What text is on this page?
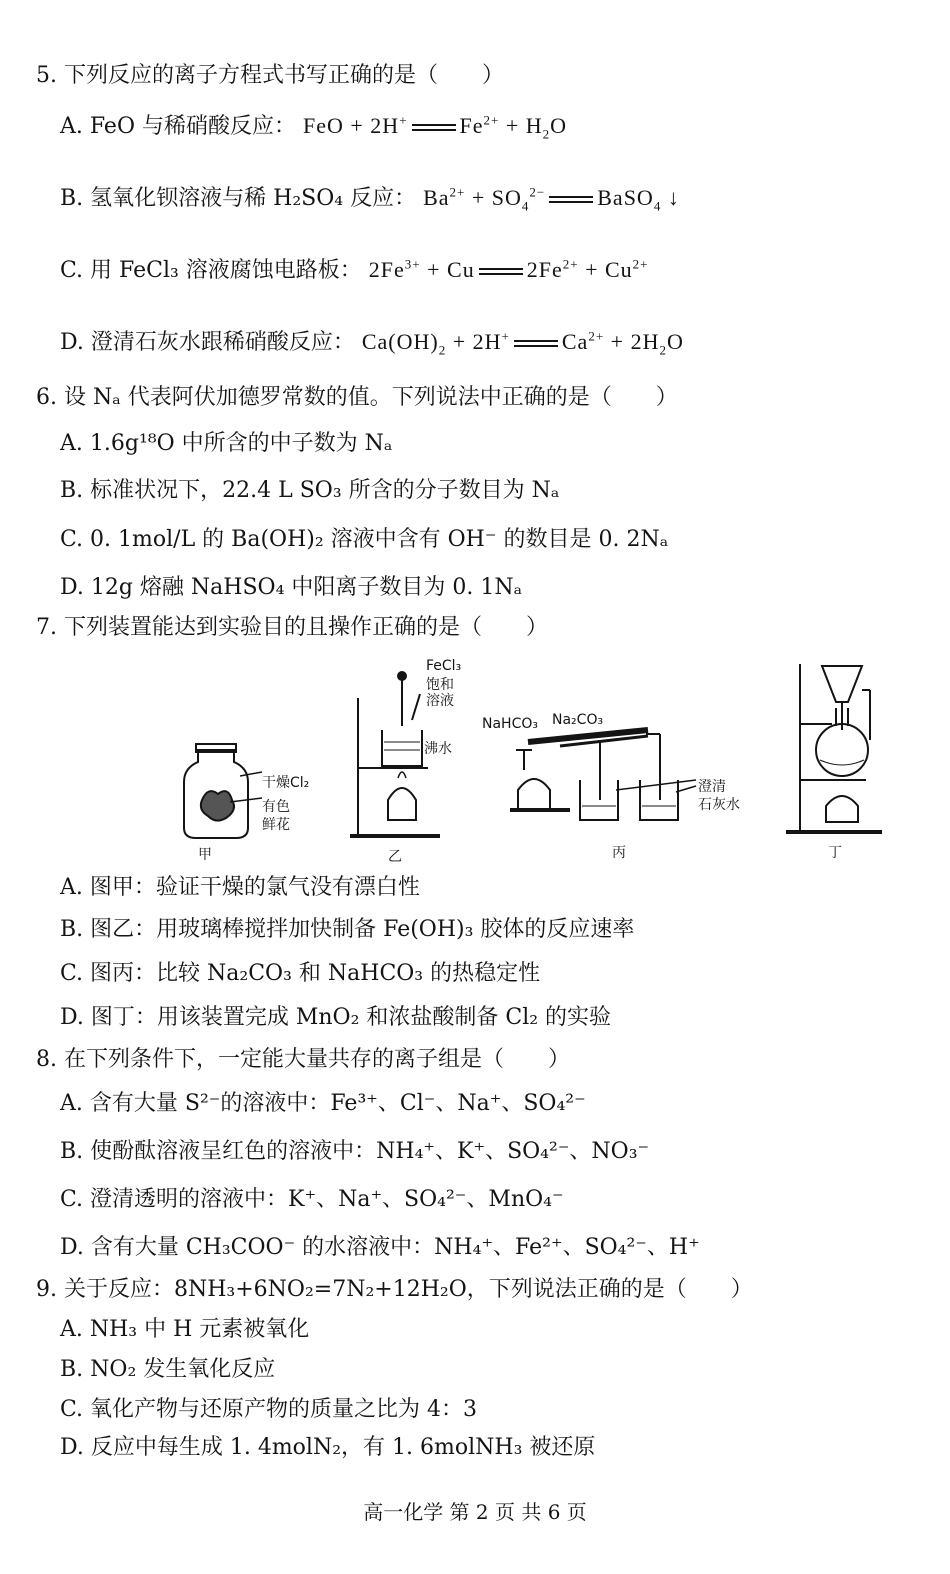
5. 下列反应的离子方程式书写正确的是（　　）
A. FeO 与稀硝酸反应： FeO + 2H+ $Fe^{2+} + H_2O$
B. 氢氧化钡溶液与稀 H₂SO₄ 反应： $Ba^{2+} + SO_4^{2-}$ BaSO$_4$ ↓
C. 用 FeCl₃ 溶液腐蚀电路板： $2Fe^{3+} + Cu$ $2Fe^{2+} + Cu^{2+}$
D. 澄清石灰水跟稀硝酸反应： $Ca(OH)_2 + 2H^+$ $Ca^{2+} + 2H_2O$
6. 设 Nₐ 代表阿伏加德罗常数的值。下列说法中正确的是（　　）
A. 1.6g¹⁸O 中所含的中子数为 Nₐ
B. 标准状况下，22.4 L SO₃ 所含的分子数目为 Nₐ
C. 0. 1mol/L 的 Ba(OH)₂ 溶液中含有 OH⁻ 的数目是 0. 2Nₐ
D. 12g 熔融 NaHSO₄ 中阳离子数目为 0. 1Nₐ
7. 下列装置能达到实验目的且操作正确的是（　　）
干燥Cl₂
有色
鲜花
FeCl₃
饱和
溶液
沸水
NaHCO₃ Na₂CO₃
澄清
石灰水
甲	乙	丙	丁
A. 图甲：验证干燥的氯气没有漂白性
B. 图乙：用玻璃棒搅拌加快制备 Fe(OH)₃ 胶体的反应速率
C. 图丙：比较 Na₂CO₃ 和 NaHCO₃ 的热稳定性
D. 图丁：用该装置完成 MnO₂ 和浓盐酸制备 Cl₂ 的实验
8. 在下列条件下，一定能大量共存的离子组是（　　）
A. 含有大量 S²⁻的溶液中：Fe³⁺、Cl⁻、Na⁺、SO₄²⁻
B. 使酚酞溶液呈红色的溶液中：NH₄⁺、K⁺、SO₄²⁻、NO₃⁻
C. 澄清透明的溶液中：K⁺、Na⁺、SO₄²⁻、MnO₄⁻
D. 含有大量 CH₃COO⁻ 的水溶液中：NH₄⁺、Fe²⁺、SO₄²⁻、H⁺
9. 关于反应：8NH₃+6NO₂=7N₂+12H₂O，下列说法正确的是（　　）
A. NH₃ 中 H 元素被氧化
B. NO₂ 发生氧化反应
C. 氧化产物与还原产物的质量之比为 4：3
D. 反应中每生成 1. 4molN₂，有 1. 6molNH₃ 被还原
高一化学 第 2 页 共 6 页
